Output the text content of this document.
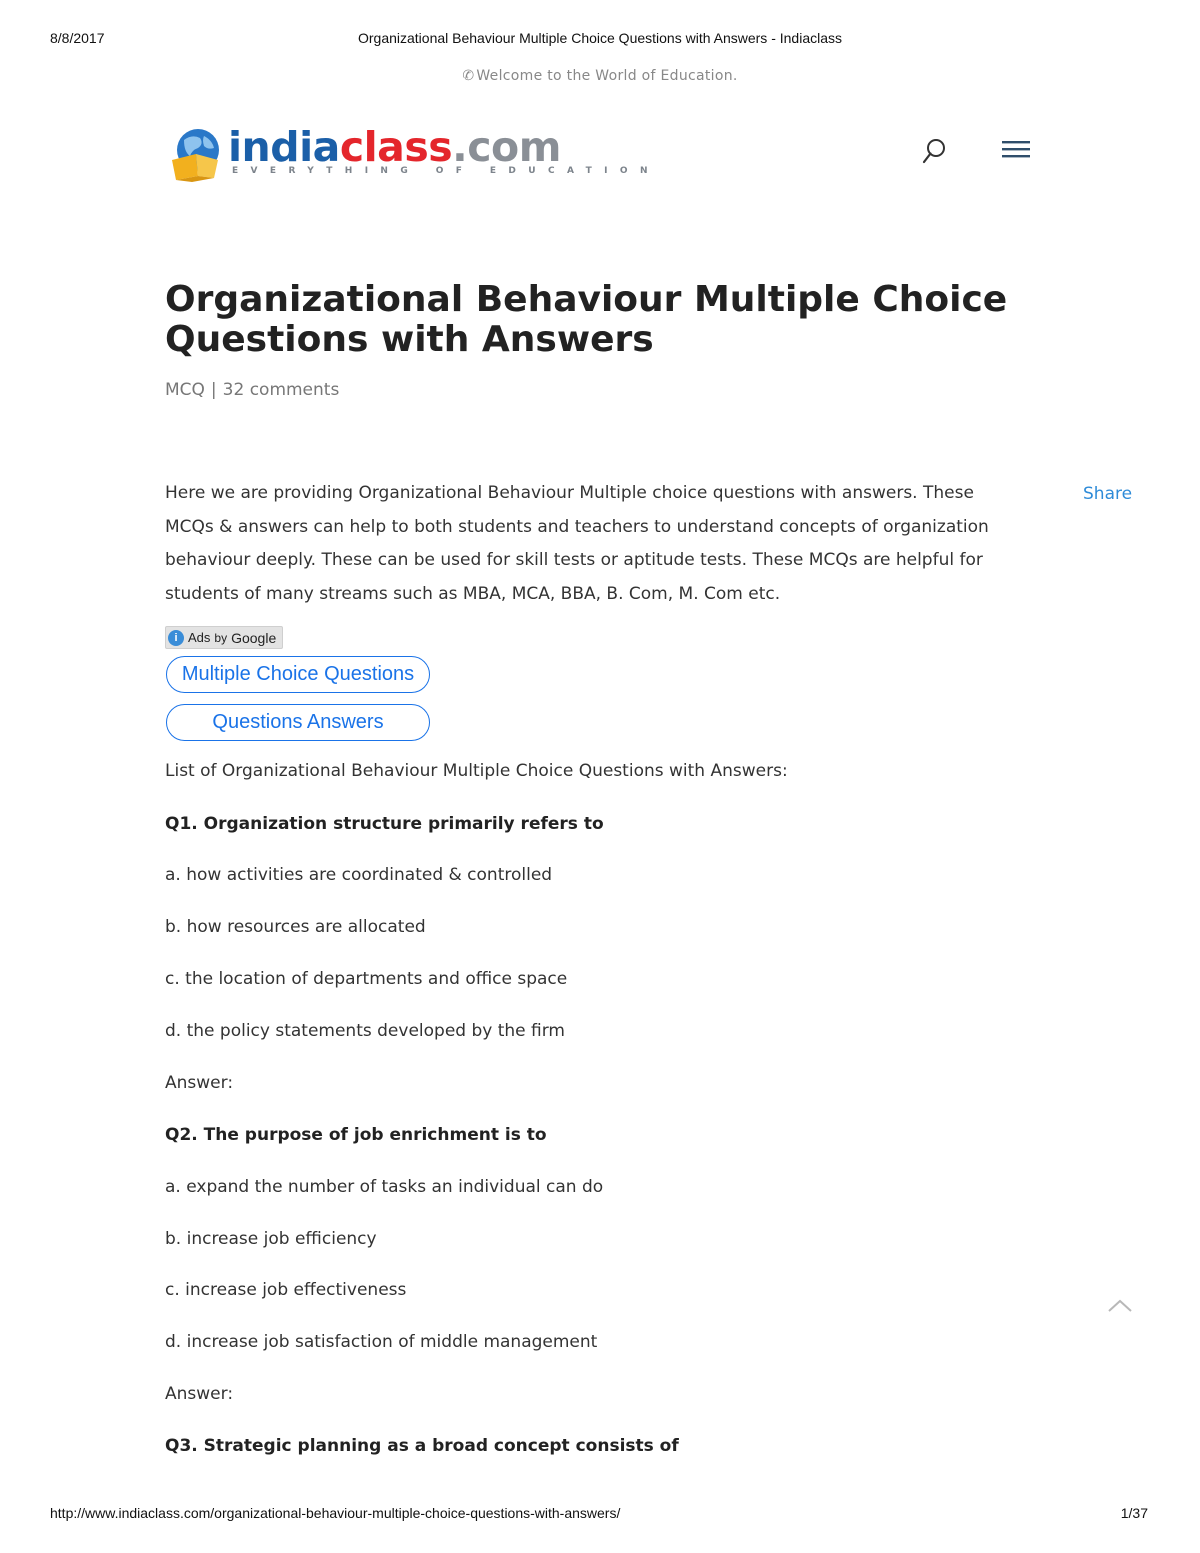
8/8/2017	Organizational Behaviour Multiple Choice Questions with Answers - Indiaclass
✆ Welcome to the World of Education.
indiaclass.com
EVERYTHING OF EDUCATION
Organizational Behaviour Multiple Choice Questions with Answers
MCQ | 32 comments

Here we are providing Organizational Behaviour Multiple choice questions with answers. These MCQs & answers can help to both students and teachers to understand concepts of organization behaviour deeply. These can be used for skill tests or aptitude tests. These MCQs are helpful for students of many streams such as MBA, MCA, BBA, B. Com, M. Com etc.

Share
i Ads by Google
Multiple Choice Questions
Questions Answers
List of Organizational Behaviour Multiple Choice Questions with Answers:
Q1. Organization structure primarily refers to
a. how activities are coordinated & controlled
b. how resources are allocated
c. the location of departments and office space
d. the policy statements developed by the firm
Answer:
Q2. The purpose of job enrichment is to
a. expand the number of tasks an individual can do
b. increase job efficiency
c. increase job effectiveness
d. increase job satisfaction of middle management
Answer:
Q3. Strategic planning as a broad concept consists of
http://www.indiaclass.com/organizational-behaviour-multiple-choice-questions-with-answers/	1/37
